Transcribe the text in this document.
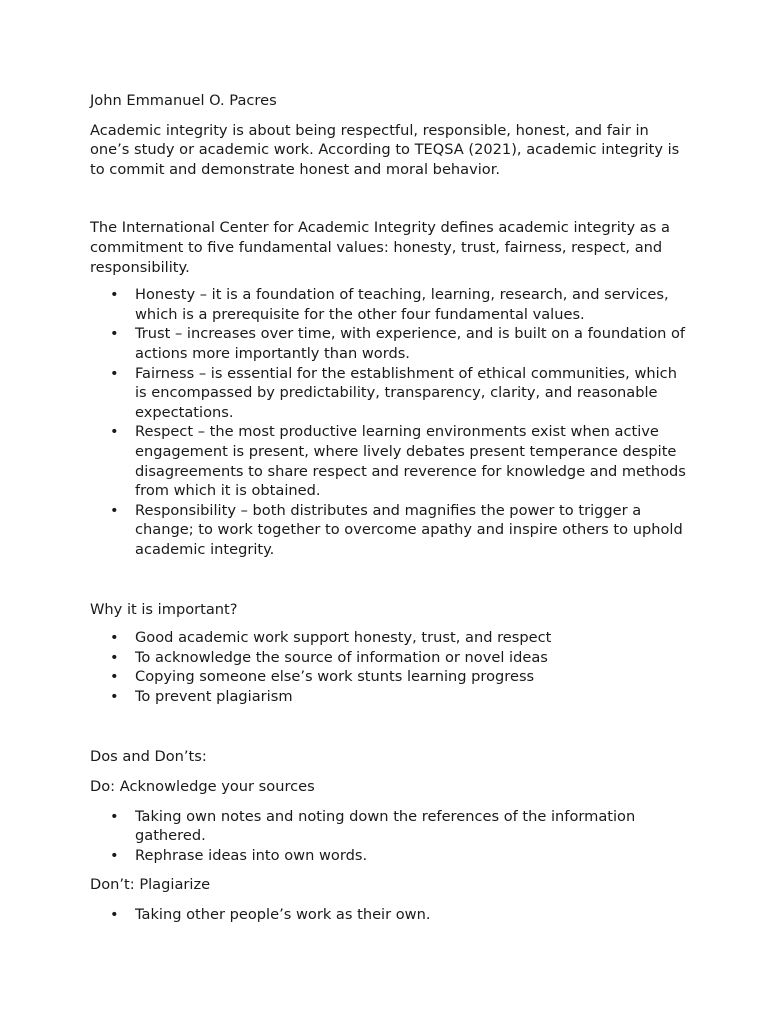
John Emmanuel O. Pacres

Academic integrity is about being respectful, responsible, honest, and fair in one’s study or academic work. According to TEQSA (2021), academic integrity is to commit and demonstrate honest and moral behavior.

The International Center for Academic Integrity defines academic integrity as a commitment to five fundamental values: honesty, trust, fairness, respect, and responsibility.

• Honesty – it is a foundation of teaching, learning, research, and services, which is a prerequisite for the other four fundamental values.
• Trust – increases over time, with experience, and is built on a foundation of actions more importantly than words.
• Fairness – is essential for the establishment of ethical communities, which is encompassed by predictability, transparency, clarity, and reasonable expectations.
• Respect – the most productive learning environments exist when active engagement is present, where lively debates present temperance despite disagreements to share respect and reverence for knowledge and methods from which it is obtained.
• Responsibility – both distributes and magnifies the power to trigger a change; to work together to overcome apathy and inspire others to uphold academic integrity.

Why it is important?

• Good academic work support honesty, trust, and respect
• To acknowledge the source of information or novel ideas
• Copying someone else’s work stunts learning progress
• To prevent plagiarism

Dos and Don’ts:

Do: Acknowledge your sources

• Taking own notes and noting down the references of the information gathered.
• Rephrase ideas into own words.

Don’t: Plagiarize

• Taking other people’s work as their own.
